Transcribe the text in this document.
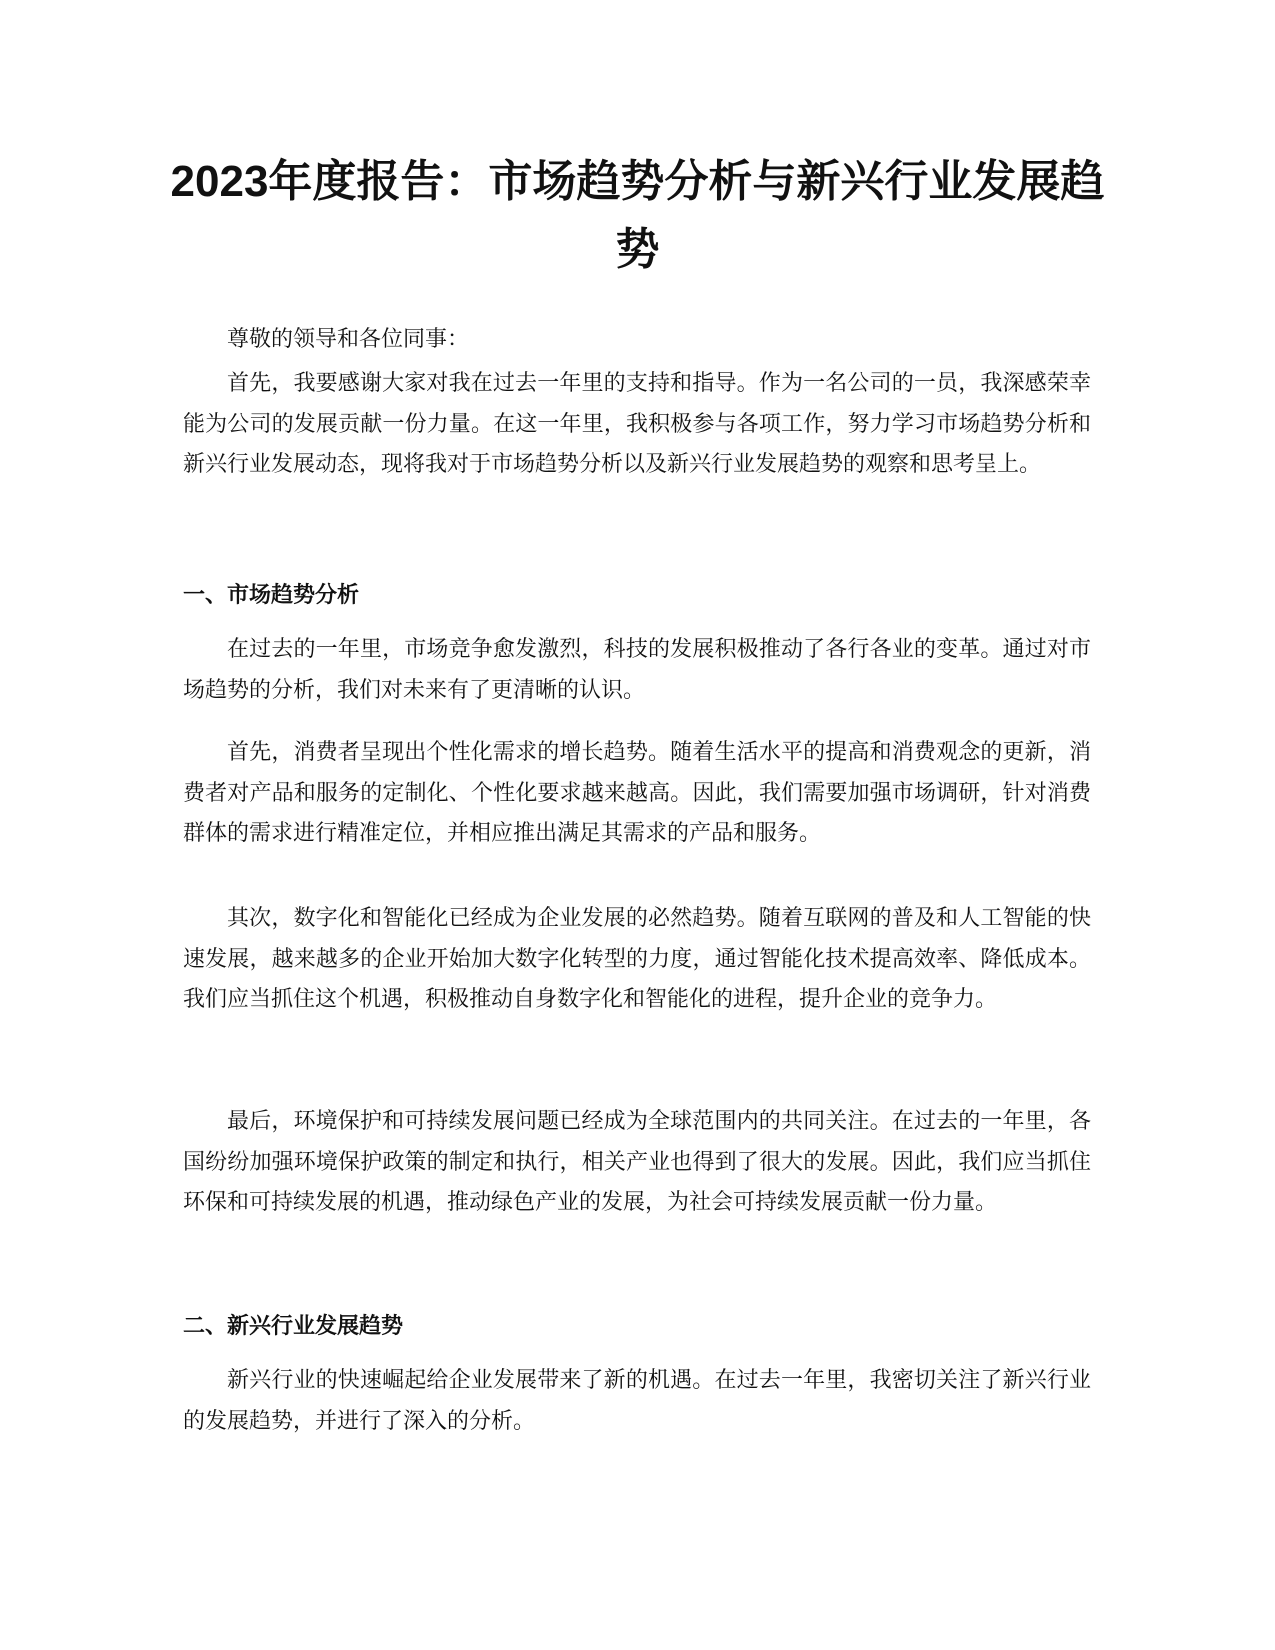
2023年度报告：市场趋势分析与新兴行业发展趋势

尊敬的领导和各位同事：

首先，我要感谢大家对我在过去一年里的支持和指导。作为一名公司的一员，我深感荣幸能为公司的发展贡献一份力量。在这一年里，我积极参与各项工作，努力学习市场趋势分析和新兴行业发展动态，现将我对于市场趋势分析以及新兴行业发展趋势的观察和思考呈上。

一、市场趋势分析

在过去的一年里，市场竞争愈发激烈，科技的发展积极推动了各行各业的变革。通过对市场趋势的分析，我们对未来有了更清晰的认识。

首先，消费者呈现出个性化需求的增长趋势。随着生活水平的提高和消费观念的更新，消费者对产品和服务的定制化、个性化要求越来越高。因此，我们需要加强市场调研，针对消费群体的需求进行精准定位，并相应推出满足其需求的产品和服务。

其次，数字化和智能化已经成为企业发展的必然趋势。随着互联网的普及和人工智能的快速发展，越来越多的企业开始加大数字化转型的力度，通过智能化技术提高效率、降低成本。我们应当抓住这个机遇，积极推动自身数字化和智能化的进程，提升企业的竞争力。

最后，环境保护和可持续发展问题已经成为全球范围内的共同关注。在过去的一年里，各国纷纷加强环境保护政策的制定和执行，相关产业也得到了很大的发展。因此，我们应当抓住环保和可持续发展的机遇，推动绿色产业的发展，为社会可持续发展贡献一份力量。

二、新兴行业发展趋势

新兴行业的快速崛起给企业发展带来了新的机遇。在过去一年里，我密切关注了新兴行业的发展趋势，并进行了深入的分析。
